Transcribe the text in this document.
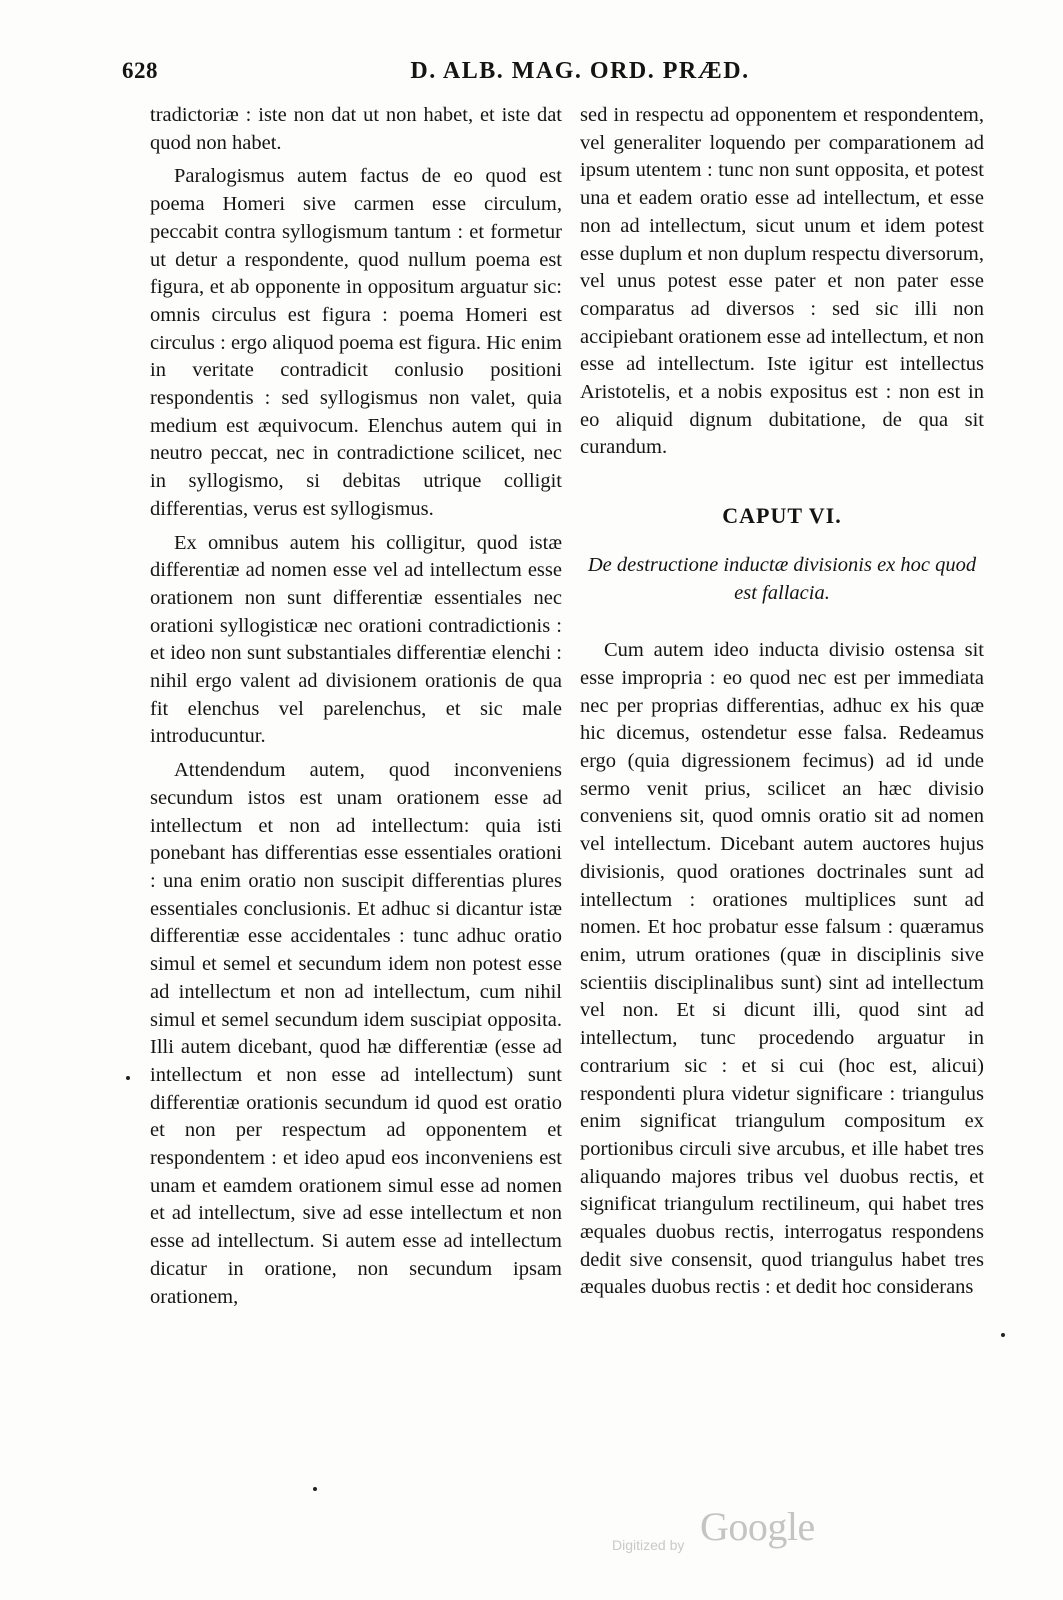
628	D. ALB. MAG. ORD. PRÆD.

tradictoriæ : iste non dat ut non habet, et iste dat quod non habet.

Paralogismus autem factus de eo quod est poema Homeri sive carmen esse circulum, peccabit contra syllogismum tantum : et formetur ut detur a respondente, quod nullum poema est figura, et ab opponente in oppositum arguatur sic: omnis circulus est figura : poema Homeri est circulus : ergo aliquod poema est figura. Hic enim in veritate contradicit conlusio positioni respondentis : sed syllogismus non valet, quia medium est æquivocum. Elenchus autem qui in neutro peccat, nec in contradictione scilicet, nec in syllogismo, si debitas utrique colligit differentias, verus est syllogismus.

Ex omnibus autem his colligitur, quod istæ differentiæ ad nomen esse vel ad intellectum esse orationem non sunt differentiæ essentiales nec orationi syllogisticæ nec orationi contradictionis : et ideo non sunt substantiales differentiæ elenchi : nihil ergo valent ad divisionem orationis de qua fit elenchus vel parelenchus, et sic male introducuntur.

Attendendum autem, quod inconveniens secundum istos est unam orationem esse ad intellectum et non ad intellectum: quia isti ponebant has differentias esse essentiales orationi : una enim oratio non suscipit differentias plures essentiales conclusionis. Et adhuc si dicantur istæ differentiæ esse accidentales : tunc adhuc oratio simul et semel et secundum idem non potest esse ad intellectum et non ad intellectum, cum nihil simul et semel secundum idem suscipiat opposita. Illi autem dicebant, quod hæ differentiæ (esse ad intellectum et non esse ad intellectum) sunt differentiæ orationis secundum id quod est oratio et non per respectum ad opponentem et respondentem : et ideo apud eos inconveniens est unam et eamdem orationem simul esse ad nomen et ad intellectum, sive ad esse intellectum et non esse ad intellectum. Si autem esse ad intellectum dicatur in oratione, non secundum ipsam orationem,

sed in respectu ad opponentem et respondentem, vel generaliter loquendo per comparationem ad ipsum utentem : tunc non sunt opposita, et potest una et eadem oratio esse ad intellectum, et esse non ad intellectum, sicut unum et idem potest esse duplum et non duplum respectu diversorum, vel unus potest esse pater et non pater esse comparatus ad diversos : sed sic illi non accipiebant orationem esse ad intellectum, et non esse ad intellectum. Iste igitur est intellectus Aristotelis, et a nobis expositus est : non est in eo aliquid dignum dubitatione, de qua sit curandum.

CAPUT VI.

De destructione inductæ divisionis ex hoc quod est fallacia.

Cum autem ideo inducta divisio ostensa sit esse impropria : eo quod nec est per immediata nec per proprias differentias, adhuc ex his quæ hic dicemus, ostendetur esse falsa. Redeamus ergo (quia digressionem fecimus) ad id unde sermo venit prius, scilicet an hæc divisio conveniens sit, quod omnis oratio sit ad nomen vel intellectum. Dicebant autem auctores hujus divisionis, quod orationes doctrinales sunt ad intellectum : orationes multiplices sunt ad nomen. Et hoc probatur esse falsum : quæramus enim, utrum orationes (quæ in disciplinis sive scientiis disciplinalibus sunt) sint ad intellectum vel non. Et si dicunt illi, quod sint ad intellectum, tunc procedendo arguatur in contrarium sic : et si cui (hoc est, alicui) respondenti plura videtur significare : triangulus enim significat triangulum compositum ex portionibus circuli sive arcubus, et ille habet tres aliquando majores tribus vel duobus rectis, et significat triangulum rectilineum, qui habet tres æquales duobus rectis, interrogatus respondens dedit sive consensit, quod triangulus habet tres æquales duobus rectis : et dedit hoc considerans

Digitized by Google
